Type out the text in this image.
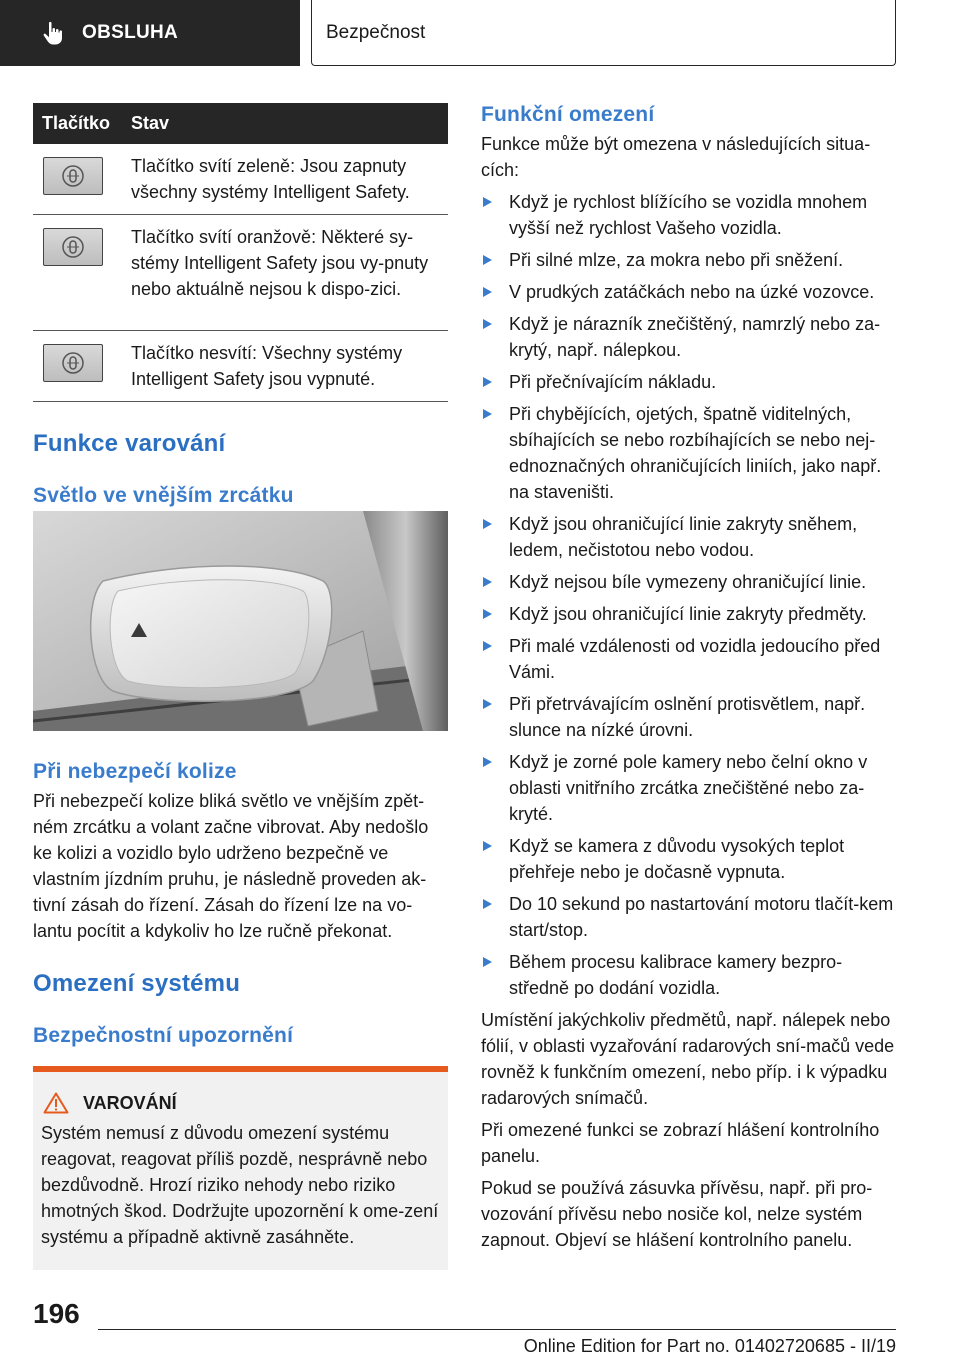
OBSLUHA	Bezpečnost
Tlačítko	Stav
Tlačítko svítí zeleně: Jsou zapnuty všechny systémy Intelligent Safety.
Tlačítko svítí oranžově: Některé sy-stémy Intelligent Safety jsou vy-pnuty nebo aktuálně nejsou k dispo-zici.
Tlačítko nesvítí: Všechny systémy Intelligent Safety jsou vypnuté.
Funkce varování
Světlo ve vnějším zrcátku
Při nebezpečí kolize

Při nebezpečí kolize bliká světlo ve vnějším zpět-ném zrcátku a volant začne vibrovat. Aby nedošlo ke kolizi a vozidlo bylo udrženo bezpečně ve vlastním jízdním pruhu, je následně proveden ak-tivní zásah do řízení. Zásah do řízení lze na vo-lantu pocítit a kdykoliv ho lze ručně překonat.

Omezení systému
Bezpečnostní upozornění
VAROVÁNÍ

Systém nemusí z důvodu omezení systému reagovat, reagovat příliš pozdě, nesprávně nebo bezdůvodně. Hrozí riziko nehody nebo riziko hmotných škod. Dodržujte upozornění k ome-zení systému a případně aktivně zasáhněte.

Funkční omezení

Funkce může být omezena v následujících situa-cích:

Když je rychlost blížícího se vozidla mnohem vyšší než rychlost Vašeho vozidla.
Při silné mlze, za mokra nebo při sněžení.
V prudkých zatáčkách nebo na úzké vozovce.
Když je nárazník znečištěný, namrzlý nebo za-krytý, např. nálepkou.
Při přečnívajícím nákladu.
Při chybějících, ojetých, špatně viditelných, sbíhajících se nebo rozbíhajících se nebo nej-ednoznačných ohraničujících liniích, jako např. na staveništi.
Když jsou ohraničující linie zakryty sněhem, ledem, nečistotou nebo vodou.
Když nejsou bíle vymezeny ohraničující linie.
Když jsou ohraničující linie zakryty předměty.
Při malé vzdálenosti od vozidla jedoucího před Vámi.
Při přetrvávajícím oslnění protisvětlem, např. slunce na nízké úrovni.
Když je zorné pole kamery nebo čelní okno v oblasti vnitřního zrcátka znečištěné nebo za-kryté.
Když se kamera z důvodu vysokých teplot přehřeje nebo je dočasně vypnuta.
Do 10 sekund po nastartování motoru tlačít-kem start/stop.
Během procesu kalibrace kamery bezpro-středně po dodání vozidla.

Umístění jakýchkoliv předmětů, např. nálepek nebo fólií, v oblasti vyzařování radarových sní-mačů vede rovněž k funkčním omezení, nebo příp. i k výpadku radarových snímačů.

Při omezené funkci se zobrazí hlášení kontrolního panelu.

Pokud se používá zásuvka přívěsu, např. při pro-vozování přívěsu nebo nosiče kol, nelze systém zapnout. Objeví se hlášení kontrolního panelu.

196
Online Edition for Part no. 01402720685 - II/19
